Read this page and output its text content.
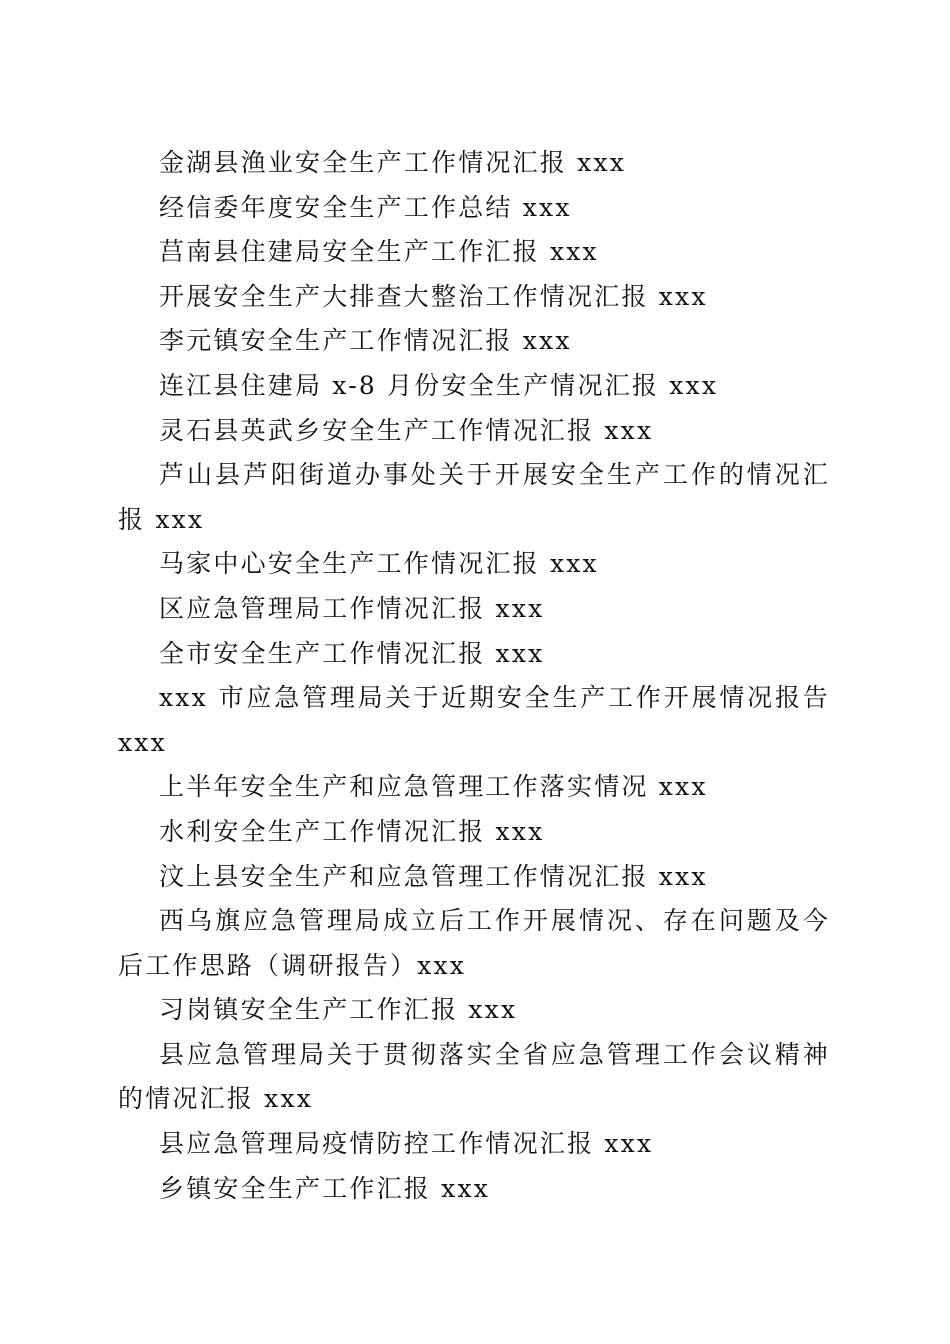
金湖县渔业安全生产工作情况汇报 xxx

经信委年度安全生产工作总结 xxx

莒南县住建局安全生产工作汇报 xxx

开展安全生产大排查大整治工作情况汇报 xxx

李元镇安全生产工作情况汇报 xxx

连江县住建局 x-8 月份安全生产情况汇报 xxx

灵石县英武乡安全生产工作情况汇报 xxx

芦山县芦阳街道办事处关于开展安全生产工作的情况汇报 xxx

马家中心安全生产工作情况汇报 xxx

区应急管理局工作情况汇报 xxx

全市安全生产工作情况汇报 xxx

xxx 市应急管理局关于近期安全生产工作开展情况报告 xxx

上半年安全生产和应急管理工作落实情况 xxx

水利安全生产工作情况汇报 xxx

汶上县安全生产和应急管理工作情况汇报 xxx

西乌旗应急管理局成立后工作开展情况、存在问题及今后工作思路（调研报告）xxx

习岗镇安全生产工作汇报 xxx

县应急管理局关于贯彻落实全省应急管理工作会议精神的情况汇报 xxx

县应急管理局疫情防控工作情况汇报 xxx

乡镇安全生产工作汇报 xxx
